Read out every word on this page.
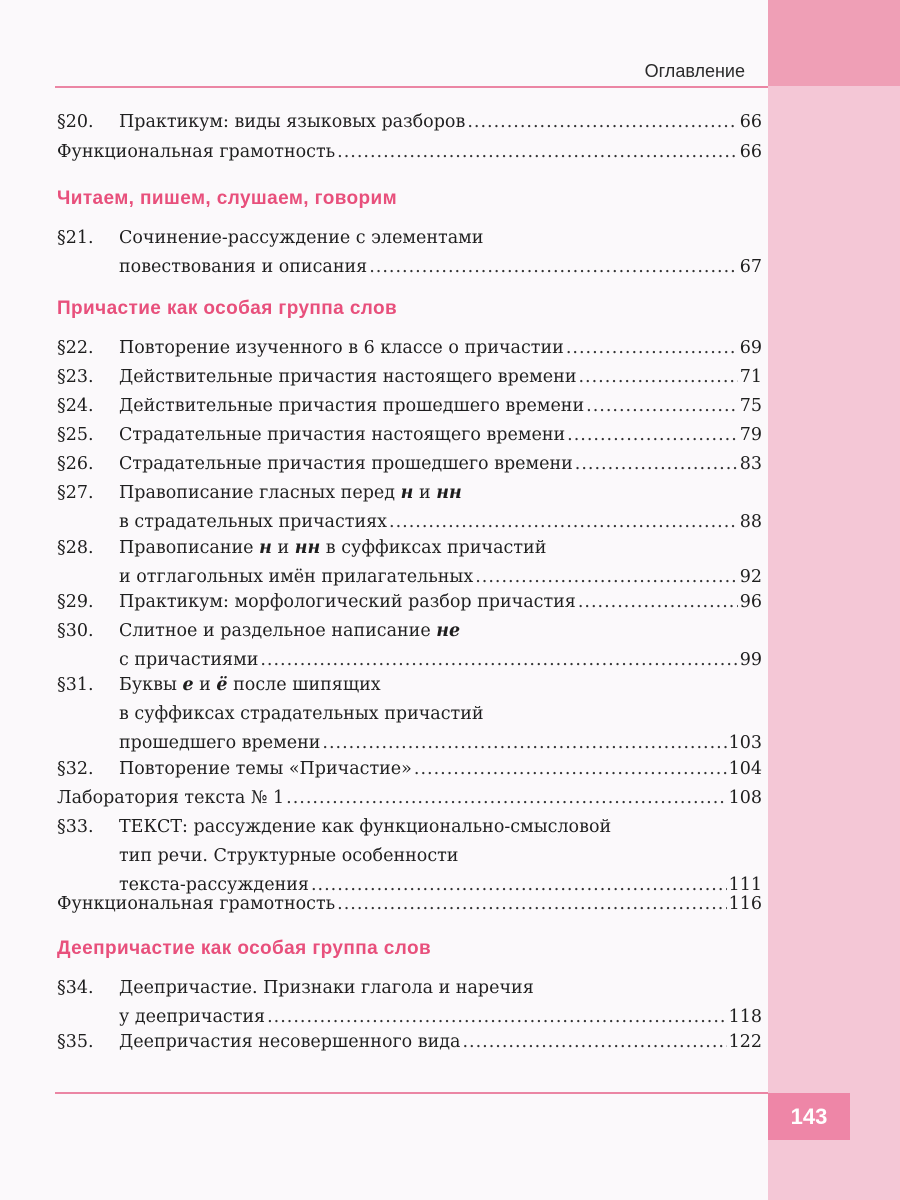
Оглавление
§20.	Практикум: виды языковых разборов .....	66
Функциональная грамотность .....	66
Читаем, пишем, слушаем, говорим
§21.	Сочинение-рассуждение с элементами
повествования и описания .....	67
Причастие как особая группа слов
§22.	Повторение изученного в 6 классе о причастии .....	69
§23.	Действительные причастия настоящего времени .....	71
§24.	Действительные причастия прошедшего времени .....	75
§25.	Страдательные причастия настоящего времени .....	79
§26.	Страдательные причастия прошедшего времени .....	83
§27.	Правописание гласных перед н и нн
в страдательных причастиях .....	88
§28.	Правописание н и нн в суффиксах причастий
и отглагольных имён прилагательных .....	92
§29.	Практикум: морфологический разбор причастия .....	96
§30.	Слитное и раздельное написание не
с причастиями .....	99
§31.	Буквы е и ё после шипящих
в суффиксах страдательных причастий
прошедшего времени .....	103
§32.	Повторение темы «Причастие» .....	104
Лаборатория текста № 1 .....	108
§33.	ТЕКСТ: рассуждение как функционально-смысловой
тип речи. Структурные особенности
текста-рассуждения .....	111
Функциональная грамотность .....	116
Деепричастие как особая группа слов
§34.	Деепричастие. Признаки глагола и наречия
у деепричастия .....	118
§35.	Деепричастия несовершенного вида .....	122
143
